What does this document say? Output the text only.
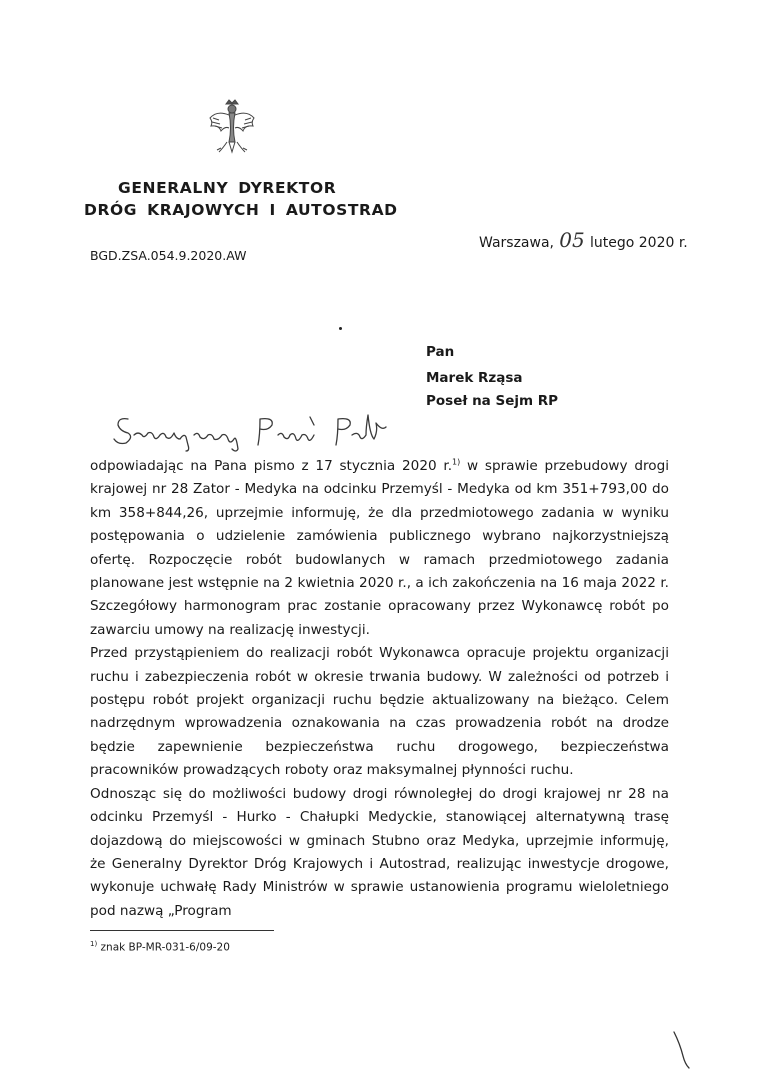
GENERALNY DYREKTOR
DRÓG KRAJOWYCH I AUTOSTRAD
Warszawa, 05 lutego 2020 r.
BGD.ZSA.054.9.2020.AW
Pan
Marek Rząsa
Poseł na Sejm RP

odpowiadając na Pana pismo z 17 stycznia 2020 r.$^{1)}$ w sprawie przebudowy drogi krajowej nr 28 Zator - Medyka na odcinku Przemyśl - Medyka od km 351+793,00 do km 358+844,26, uprzejmie informuję, że dla przedmiotowego zadania w wyniku postępowania o udzielenie zamówienia publicznego wybrano najkorzystniejszą ofertę. Rozpoczęcie robót budowlanych w ramach przedmiotowego zadania planowane jest wstępnie na 2 kwietnia 2020 r., a ich zakończenia na 16 maja 2022 r. Szczegółowy harmonogram prac zostanie opracowany przez Wykonawcę robót po zawarciu umowy na realizację inwestycji.

Przed przystąpieniem do realizacji robót Wykonawca opracuje projektu organizacji ruchu i zabezpieczenia robót w okresie trwania budowy. W zależności od potrzeb i postępu robót projekt organizacji ruchu będzie aktualizowany na bieżąco. Celem nadrzędnym wprowadzenia oznakowania na czas prowadzenia robót na drodze będzie zapewnienie bezpieczeństwa ruchu drogowego, bezpieczeństwa pracowników prowadzących roboty oraz maksymalnej płynności ruchu.

Odnosząc się do możliwości budowy drogi równoległej do drogi krajowej nr 28 na odcinku Przemyśl - Hurko - Chałupki Medyckie, stanowiącej alternatywną trasę dojazdową do miejscowości w gminach Stubno oraz Medyka, uprzejmie informuję, że Generalny Dyrektor Dróg Krajowych i Autostrad, realizując inwestycje drogowe, wykonuje uchwałę Rady Ministrów w sprawie ustanowienia programu wieloletniego pod nazwą „Program

$^{1)}$ znak BP-MR-031-6/09-20
